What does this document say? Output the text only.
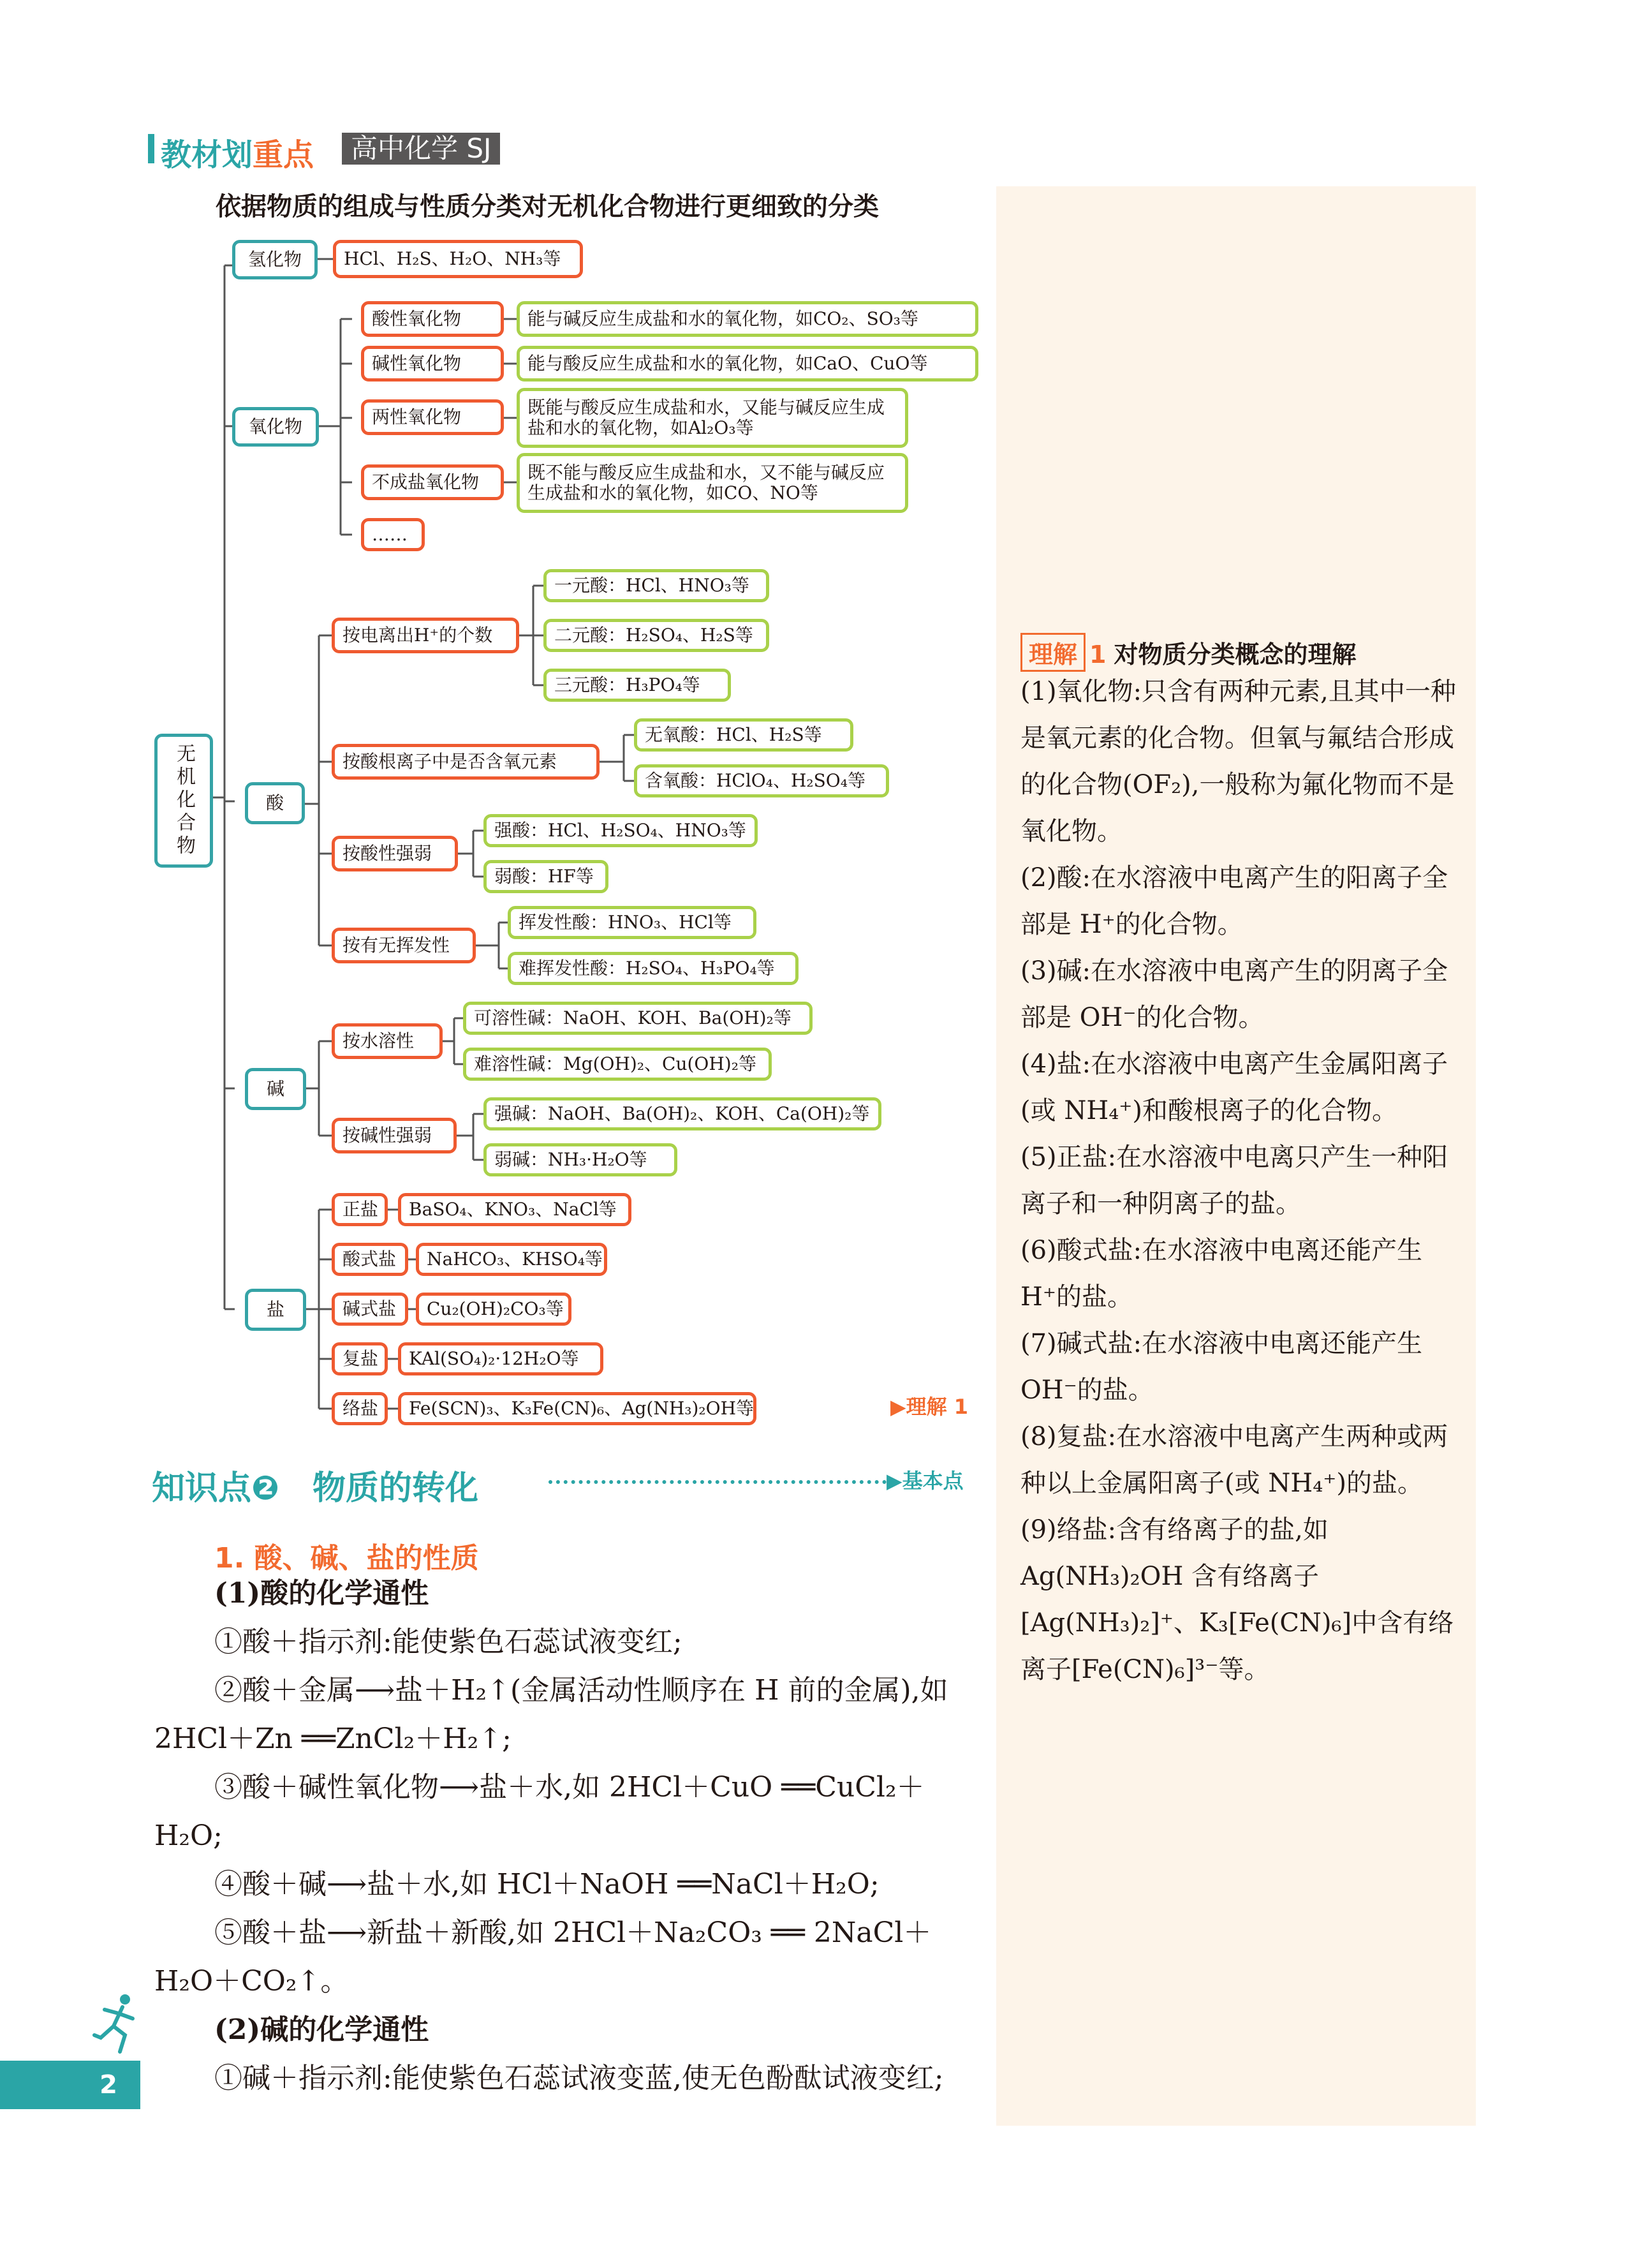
教材划重点	高中化学 SJ
依据物质的组成与性质分类对无机化合物进行更细致的分类
无机化合物
氢化物	HCl、H₂S、H₂O、NH₃等
氧化物
酸性氧化物	能与碱反应生成盐和水的氧化物，如CO₂、SO₃等
碱性氧化物	能与酸反应生成盐和水的氧化物，如CaO、CuO等
两性氧化物	既能与酸反应生成盐和水，又能与碱反应生成盐和水的氧化物，如Al₂O₃等
不成盐氧化物	既不能与酸反应生成盐和水，又不能与碱反应生成盐和水的氧化物，如CO、NO等
……
酸
按电离出H⁺的个数
一元酸：HCl、HNO₃等
二元酸：H₂SO₄、H₂S等
三元酸：H₃PO₄等
按酸根离子中是否含氧元素
无氧酸：HCl、H₂S等
含氧酸：HClO₄、H₂SO₄等
按酸性强弱
强酸：HCl、H₂SO₄、HNO₃等
弱酸：HF等
按有无挥发性
挥发性酸：HNO₃、HCl等
难挥发性酸：H₂SO₄、H₃PO₄等
碱
按水溶性
可溶性碱：NaOH、KOH、Ba(OH)₂等
难溶性碱：Mg(OH)₂、Cu(OH)₂等
按碱性强弱
强碱：NaOH、Ba(OH)₂、KOH、Ca(OH)₂等
弱碱：NH₃·H₂O等
盐
正盐	BaSO₄、KNO₃、NaCl等
酸式盐	NaHCO₃、KHSO₄等
碱式盐	Cu₂(OH)₂CO₃等
复盐	KAl(SO₄)₂·12H₂O等
络盐	Fe(SCN)₃、K₃Fe(CN)₆、Ag(NH₃)₂OH等	▶理解 1
知识点❷　物质的转化	▶基本点
1. 酸、碱、盐的性质
(1)酸的化学通性
①酸＋指示剂:能使紫色石蕊试液变红;
②酸＋金属⟶盐＋H₂↑(金属活动性顺序在 H 前的金属),如 2HCl＋Zn ══ZnCl₂＋H₂↑;
③酸＋碱性氧化物⟶盐＋水,如 2HCl＋CuO ══CuCl₂＋H₂O;
④酸＋碱⟶盐＋水,如 HCl＋NaOH ══NaCl＋H₂O;
⑤酸＋盐⟶新盐＋新酸,如 2HCl＋Na₂CO₃ ══ 2NaCl＋H₂O＋CO₂↑。
(2)碱的化学通性
①碱＋指示剂:能使紫色石蕊试液变蓝,使无色酚酞试液变红;
理解 1 对物质分类概念的理解
(1)氧化物:只含有两种元素,且其中一种是氧元素的化合物。但氧与氟结合形成的化合物(OF₂),一般称为氟化物而不是氧化物。
(2)酸:在水溶液中电离产生的阳离子全部是 H⁺的化合物。
(3)碱:在水溶液中电离产生的阴离子全部是 OH⁻的化合物。
(4)盐:在水溶液中电离产生金属阳离子(或 NH₄⁺)和酸根离子的化合物。
(5)正盐:在水溶液中电离只产生一种阳离子和一种阴离子的盐。
(6)酸式盐:在水溶液中电离还能产生 H⁺的盐。
(7)碱式盐:在水溶液中电离还能产生 OH⁻的盐。
(8)复盐:在水溶液中电离产生两种或两种以上金属阳离子(或 NH₄⁺)的盐。
(9)络盐:含有络离子的盐,如 Ag(NH₃)₂OH 含有络离子[Ag(NH₃)₂]⁺、K₃[Fe(CN)₆]中含有络离子[Fe(CN)₆]³⁻等。
2
